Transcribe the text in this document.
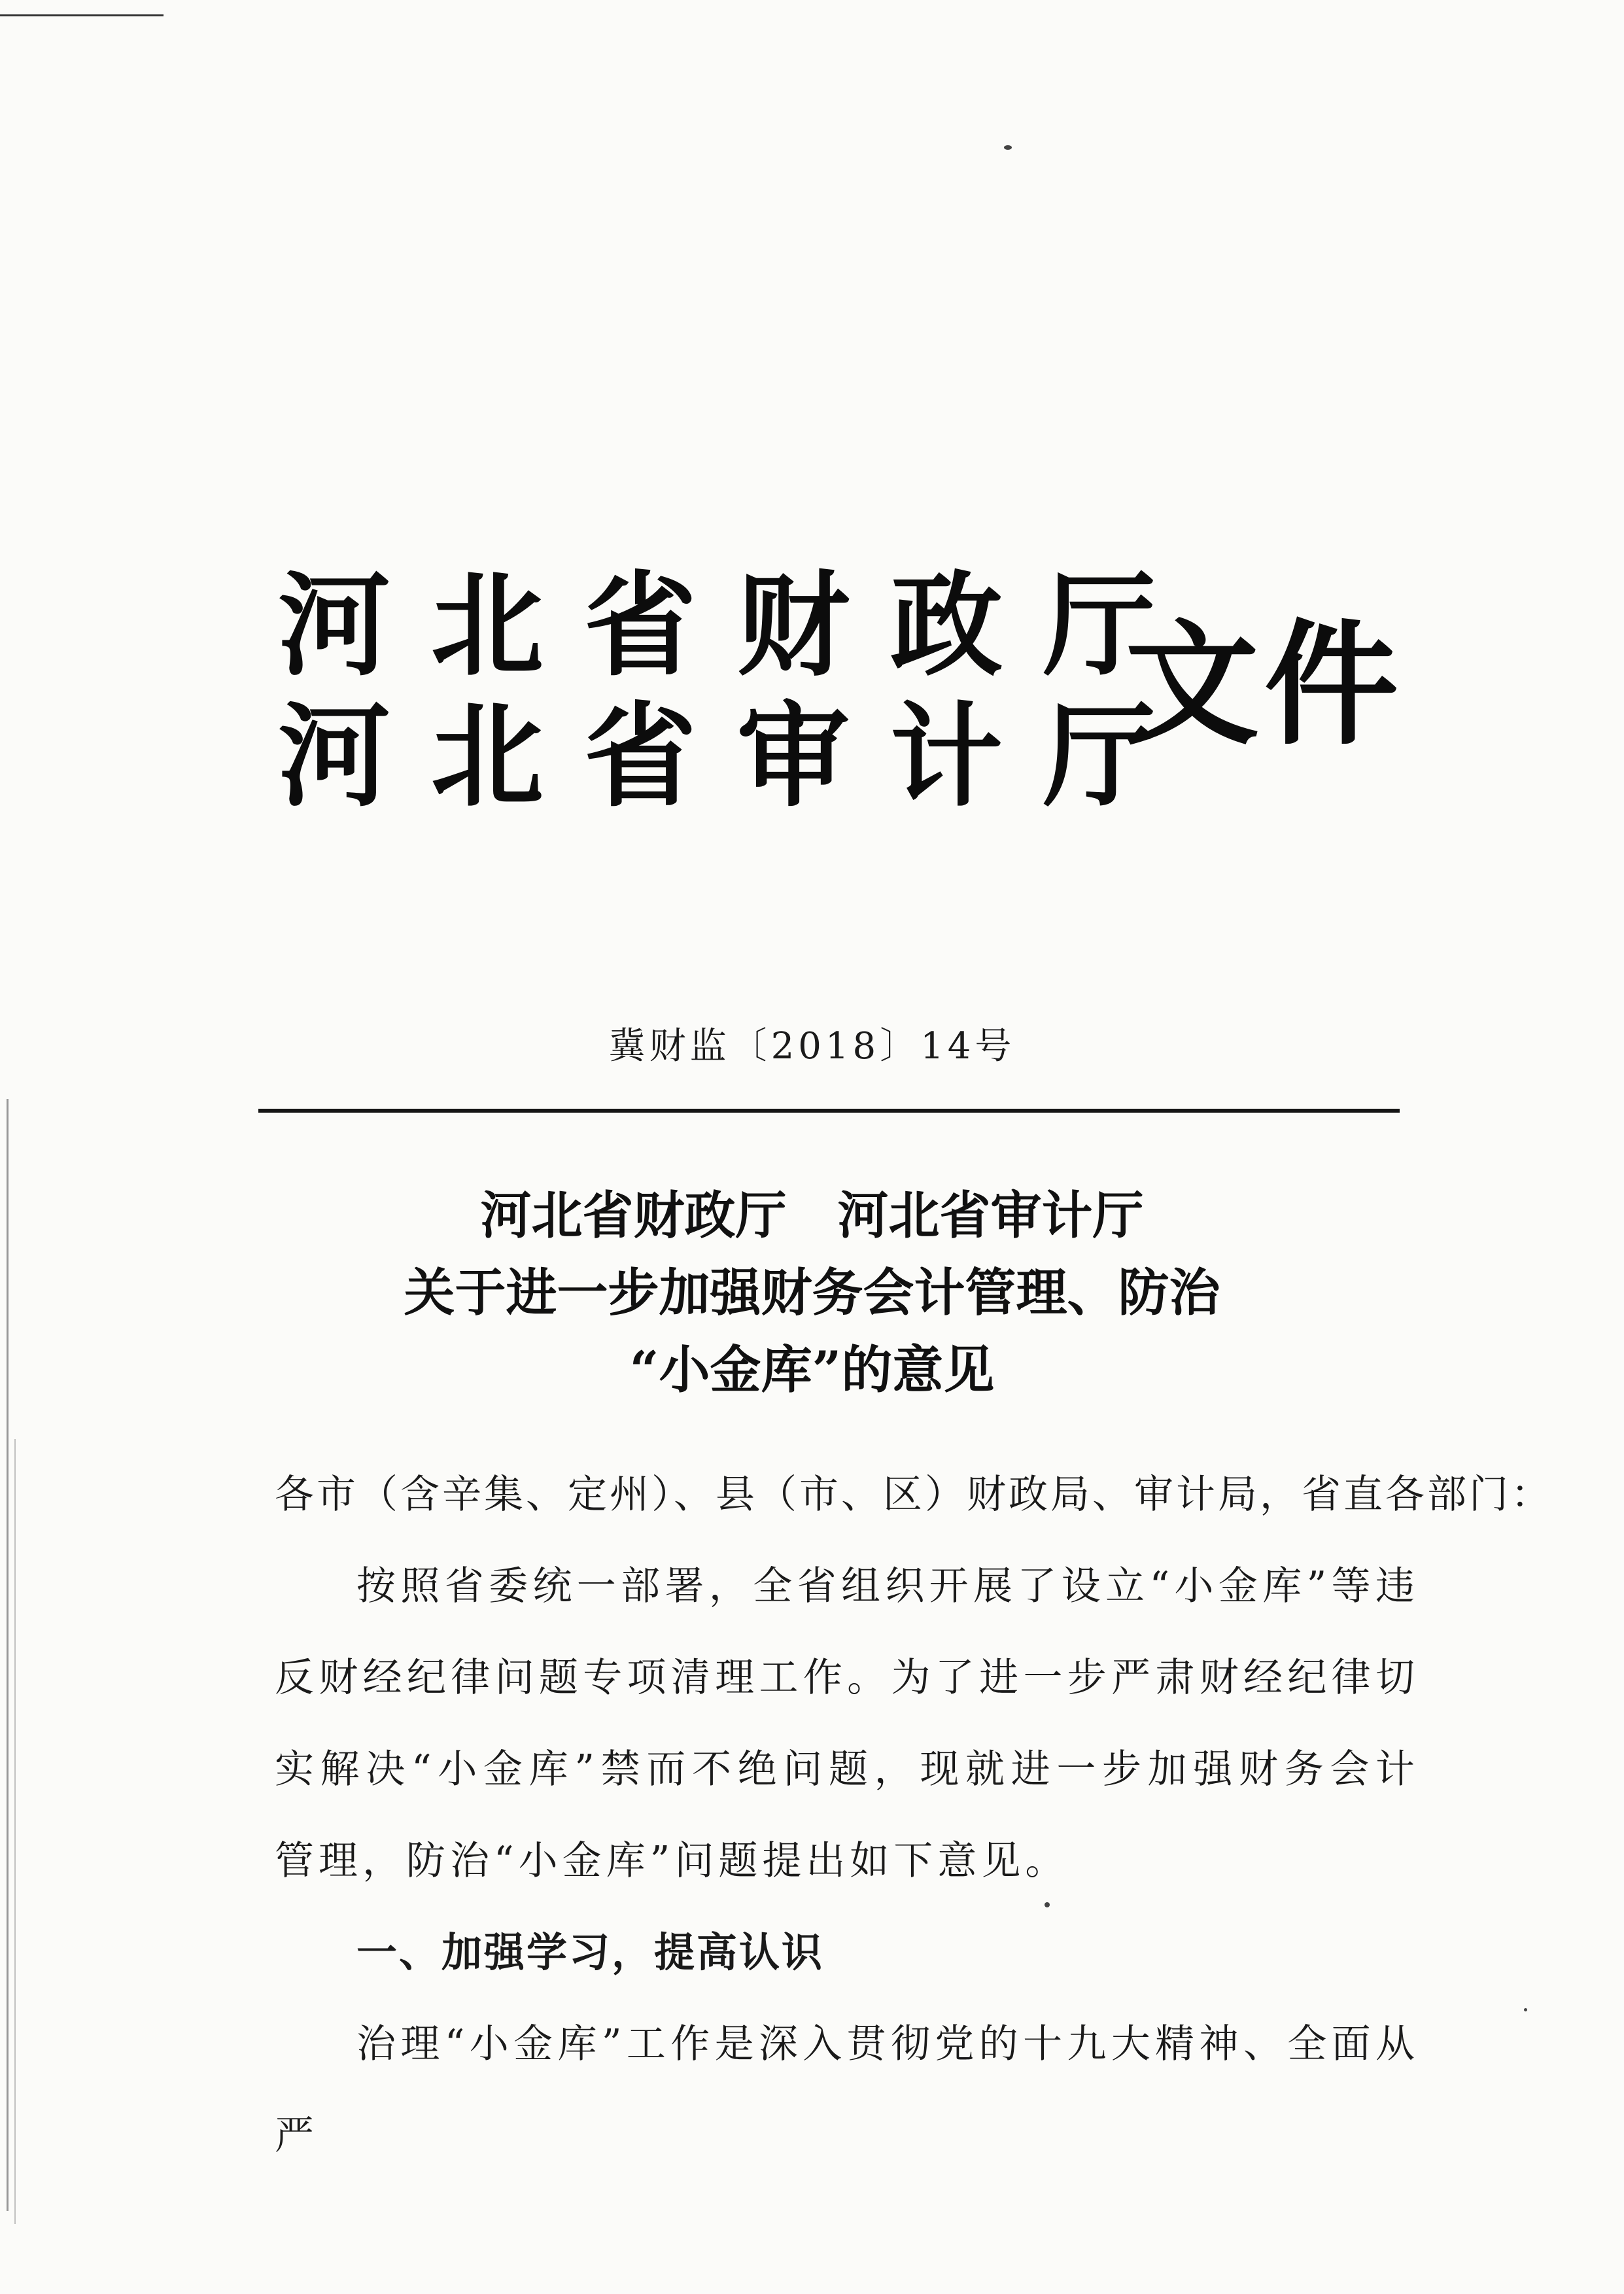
河北省财政厅
河北省审计厅
文件
冀财监〔2018〕14号
河北省财政厅　河北省审计厅
关于进一步加强财务会计管理、防治
“小金库”的意见
各市（含辛集、定州）、县（市、区）财政局、审计局，省直各部门：

按照省委统一部署，全省组织开展了设立“小金库”等违反财经纪律问题专项清理工作。为了进一步严肃财经纪律切实解决“小金库”禁而不绝问题，现就进一步加强财务会计管理，防治“小金库”问题提出如下意见。

一、加强学习，提高认识

治理“小金库”工作是深入贯彻党的十九大精神、全面从严
